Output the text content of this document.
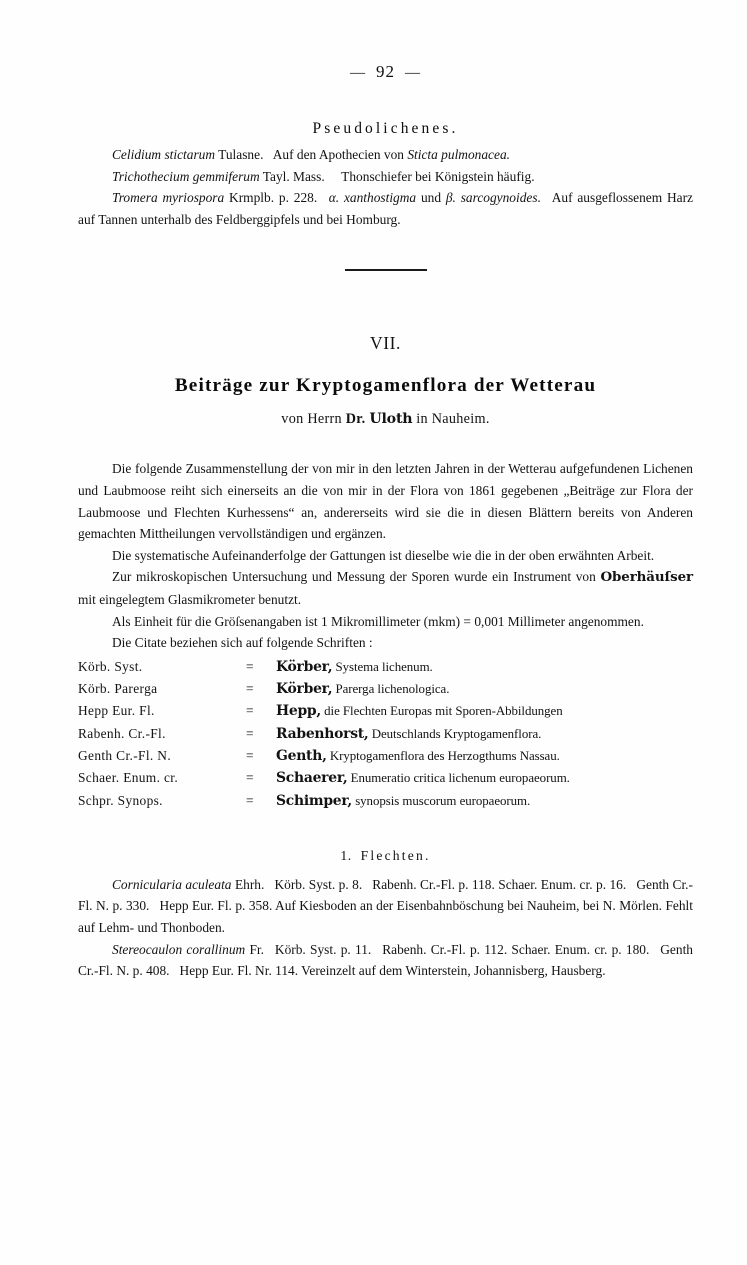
— 92 —
Pseudolichenes.

Celidium stictarum Tulasne.  Auf den Apothecien von Sticta pulmonacea.

Trichothecium gemmiferum Tayl. Mass.  Thonschiefer bei Königstein häufig.

Tromera myriospora Krmplb. p. 228.  α. xanthostigma und β. sarcogynoides.  Auf ausgeflossenem Harz auf Tannen unterhalb des Feldberggipfels und bei Homburg.

VII.
Beiträge zur Kryptogamenflora der Wetterau
von Herrn Dr. Uloth in Nauheim.

Die folgende Zusammenstellung der von mir in den letzten Jahren in der Wetterau aufgefundenen Lichenen und Laubmoose reiht sich einerseits an die von mir in der Flora von 1861 gegebenen „Beiträge zur Flora der Laubmoose und Flechten Kurhessens“ an, andererseits wird sie die in diesen Blättern bereits von Anderen gemachten Mittheilungen vervollständigen und ergänzen.

Die systematische Aufeinanderfolge der Gattungen ist dieselbe wie die in der oben erwähnten Arbeit.

Zur mikroskopischen Untersuchung und Messung der Sporen wurde ein Instrument von Oberhäuſser mit eingelegtem Glasmikrometer benutzt.

Als Einheit für die Gröſsenangaben ist 1 Mikromillimeter (mkm) = 0,001 Millimeter angenommen.

Die Citate beziehen sich auf folgende Schriften :

Körb. Syst.	=	Körber, Systema lichenum.
Körb. Parerga	=	Körber, Parerga lichenologica.
Hepp Eur. Fl.	=	Hepp, die Flechten Europas mit Sporen-Abbildungen
Rabenh. Cr.-Fl.	=	Rabenhorst, Deutschlands Kryptogamenflora.
Genth Cr.-Fl. N.	=	Genth, Kryptogamenflora des Herzogthums Nassau.
Schaer. Enum. cr.	=	Schaerer, Enumeratio critica lichenum europaeorum.
Schpr. Synops.	=	Schimper, synopsis muscorum europaeorum.
1.  Flechten.

Cornicularia aculeata Ehrh.  Körb. Syst. p. 8.  Rabenh. Cr.-Fl. p. 118. Schaer. Enum. cr. p. 16.  Genth Cr.-Fl. N. p. 330.  Hepp Eur. Fl. p. 358. Auf Kiesboden an der Eisenbahnböschung bei Nauheim, bei N. Mörlen. Fehlt auf Lehm- und Thonboden.

Stereocaulon corallinum Fr.  Körb. Syst. p. 11.  Rabenh. Cr.-Fl. p. 112. Schaer. Enum. cr. p. 180.  Genth Cr.-Fl. N. p. 408.  Hepp Eur. Fl. Nr. 114. Vereinzelt auf dem Winterstein, Johannisberg, Hausberg.
